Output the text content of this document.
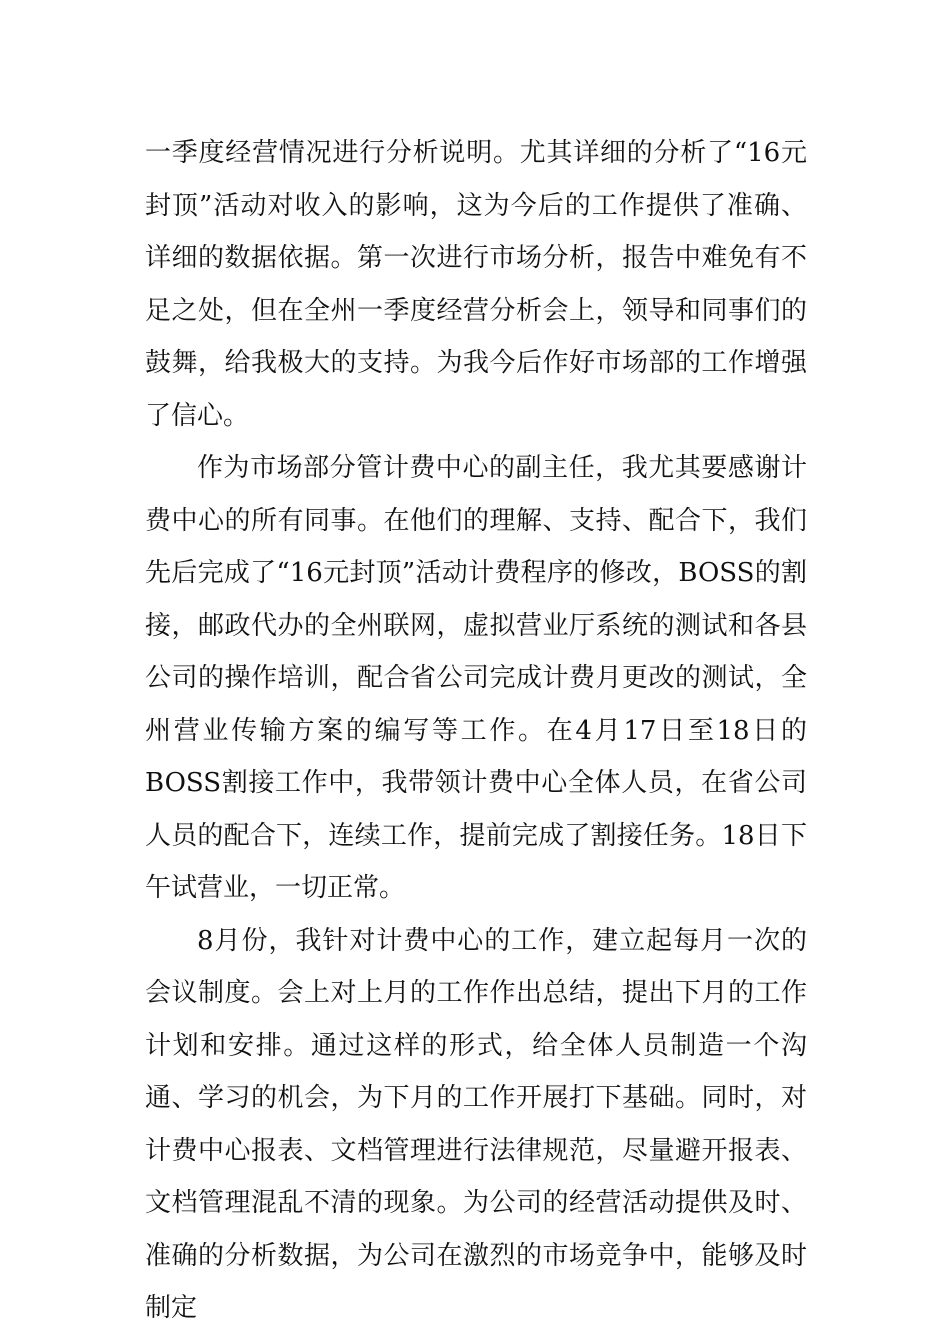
一季度经营情况进行分析说明。尤其详细的分析了“16元封顶”活动对收入的影响，这为今后的工作提供了准确、详细的数据依据。第一次进行市场分析，报告中难免有不足之处，但在全州一季度经营分析会上，领导和同事们的鼓舞，给我极大的支持。为我今后作好市场部的工作增强了信心。

作为市场部分管计费中心的副主任，我尤其要感谢计费中心的所有同事。在他们的理解、支持、配合下，我们先后完成了“16元封顶”活动计费程序的修改，BOSS的割接，邮政代办的全州联网，虚拟营业厅系统的测试和各县公司的操作培训，配合省公司完成计费月更改的测试，全州营业传输方案的编写等工作。在4月17日至18日的BOSS割接工作中，我带领计费中心全体人员，在省公司人员的配合下，连续工作，提前完成了割接任务。18日下午试营业，一切正常。

8月份，我针对计费中心的工作，建立起每月一次的会议制度。会上对上月的工作作出总结，提出下月的工作计划和安排。通过这样的形式，给全体人员制造一个沟通、学习的机会，为下月的工作开展打下基础。同时，对计费中心报表、文档管理进行法律规范，尽量避开报表、文档管理混乱不清的现象。为公司的经营活动提供及时、准确的分析数据，为公司在激烈的市场竞争中，能够及时制定
